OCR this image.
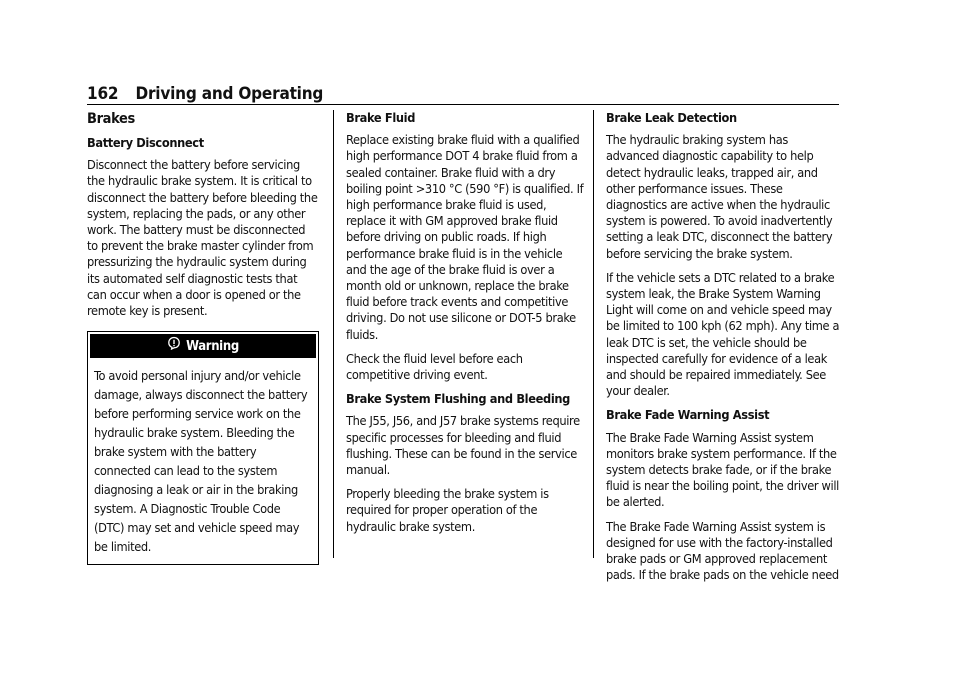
162 Driving and Operating
Brakes
Battery Disconnect

Disconnect the battery before servicing the hydraulic brake system. It is critical to disconnect the battery before bleeding the system, replacing the pads, or any other work. The battery must be disconnected to prevent the brake master cylinder from pressurizing the hydraulic system during its automated self diagnostic tests that can occur when a door is opened or the remote key is present.

Warning
To avoid personal injury and/or vehicle damage, always disconnect the battery before performing service work on the hydraulic brake system. Bleeding the brake system with the battery connected can lead to the system diagnosing a leak or air in the braking system. A Diagnostic Trouble Code (DTC) may set and vehicle speed may be limited.
Brake Fluid

Replace existing brake fluid with a qualified high performance DOT 4 brake fluid from a sealed container. Brake fluid with a dry boiling point >310 °C (590 °F) is qualified. If high performance brake fluid is used, replace it with GM approved brake fluid before driving on public roads. If high performance brake fluid is in the vehicle and the age of the brake fluid is over a month old or unknown, replace the brake fluid before track events and competitive driving. Do not use silicone or DOT-5 brake fluids.

Check the fluid level before each competitive driving event.

Brake System Flushing and Bleeding

The J55, J56, and J57 brake systems require specific processes for bleeding and fluid flushing. These can be found in the service manual.

Properly bleeding the brake system is required for proper operation of the hydraulic brake system.

Brake Leak Detection

The hydraulic braking system has advanced diagnostic capability to help detect hydraulic leaks, trapped air, and other performance issues. These diagnostics are active when the hydraulic system is powered. To avoid inadvertently setting a leak DTC, disconnect the battery before servicing the brake system.

If the vehicle sets a DTC related to a brake system leak, the Brake System Warning Light will come on and vehicle speed may be limited to 100 kph (62 mph). Any time a leak DTC is set, the vehicle should be inspected carefully for evidence of a leak and should be repaired immediately. See your dealer.

Brake Fade Warning Assist

The Brake Fade Warning Assist system monitors brake system performance. If the system detects brake fade, or if the brake fluid is near the boiling point, the driver will be alerted.

The Brake Fade Warning Assist system is designed for use with the factory-installed brake pads or GM approved replacement pads. If the brake pads on the vehicle need
